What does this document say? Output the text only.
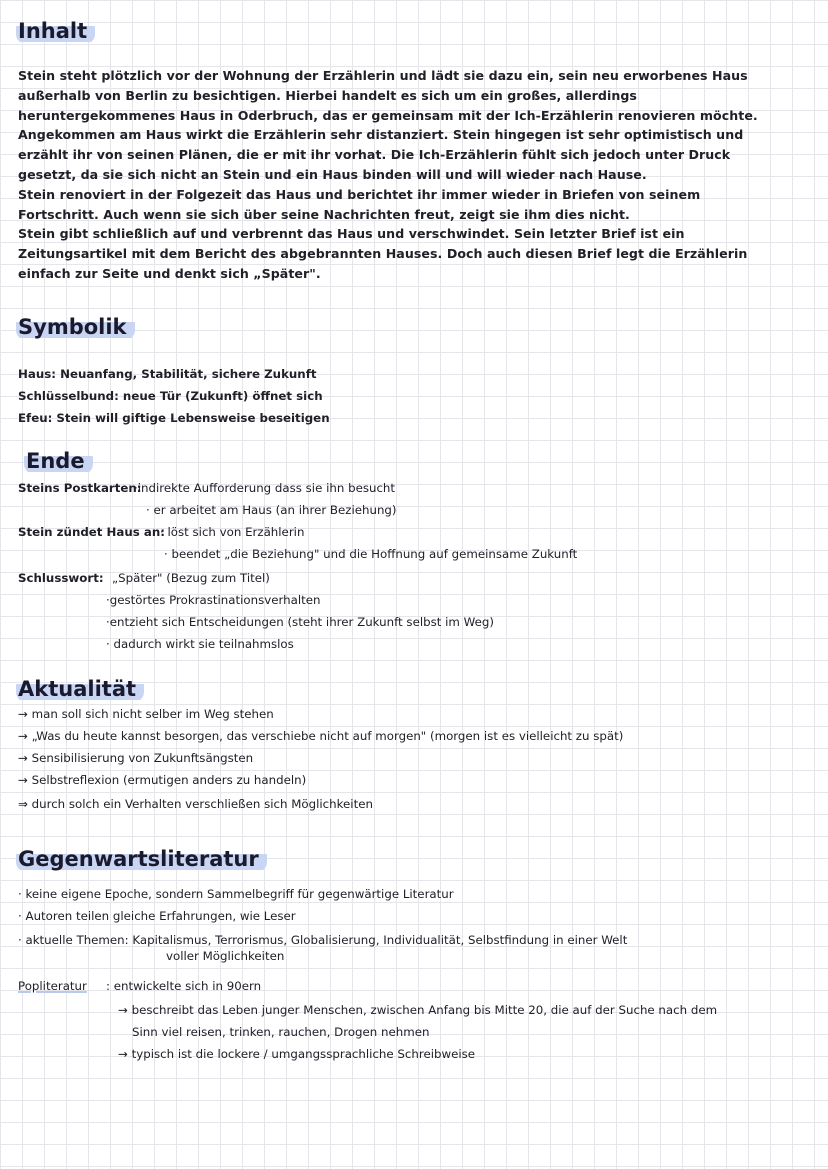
Inhalt

Stein steht plötzlich vor der Wohnung der Erzählerin und lädt sie dazu ein, sein neu erworbenes Haus

außerhalb von Berlin zu besichtigen. Hierbei handelt es sich um ein großes, allerdings

heruntergekommenes Haus in Oderbruch, das er gemeinsam mit der Ich-Erzählerin renovieren möchte.

Angekommen am Haus wirkt die Erzählerin sehr distanziert. Stein hingegen ist sehr optimistisch und

erzählt ihr von seinen Plänen, die er mit ihr vorhat. Die Ich-Erzählerin fühlt sich jedoch unter Druck

gesetzt, da sie sich nicht an Stein und ein Haus binden will und will wieder nach Hause.

Stein renoviert in der Folgezeit das Haus und berichtet ihr immer wieder in Briefen von seinem

Fortschritt. Auch wenn sie sich über seine Nachrichten freut, zeigt sie ihm dies nicht.

Stein gibt schließlich auf und verbrennt das Haus und verschwindet. Sein letzter Brief ist ein

Zeitungsartikel mit dem Bericht des abgebrannten Hauses. Doch auch diesen Brief legt die Erzählerin

einfach zur Seite und denkt sich „Später".

Symbolik
Haus: Neuanfang, Stabilität, sichere Zukunft
Schlüsselbund: neue Tür (Zukunft) öffnet sich
Efeu: Stein will giftige Lebensweise beseitigen
Ende
Steins Postkarten:
·indirekte Aufforderung dass sie ihn besucht
· er arbeitet am Haus (an ihrer Beziehung)
Stein zündet Haus an:
· löst sich von Erzählerin
· beendet „die Beziehung" und die Hoffnung auf gemeinsame Zukunft
Schlusswort: „Später" (Bezug zum Titel)
·gestörtes Prokrastinationsverhalten
·entzieht sich Entscheidungen (steht ihrer Zukunft selbst im Weg)
· dadurch wirkt sie teilnahmslos
Aktualität
→ man soll sich nicht selber im Weg stehen
→ „Was du heute kannst besorgen, das verschiebe nicht auf morgen" (morgen ist es vielleicht zu spät)
→ Sensibilisierung von Zukunftsängsten
→ Selbstreflexion (ermutigen anders zu handeln)
⇒ durch solch ein Verhalten verschließen sich Möglichkeiten
Gegenwartsliteratur
· keine eigene Epoche, sondern Sammelbegriff für gegenwärtige Literatur
· Autoren teilen gleiche Erfahrungen, wie Leser
· aktuelle Themen: Kapitalismus, Terrorismus, Globalisierung, Individualität, Selbstfindung in einer Welt
voller Möglichkeiten
Popliteratur : entwickelte sich in 90ern
→ beschreibt das Leben junger Menschen, zwischen Anfang bis Mitte 20, die auf der Suche nach dem
Sinn viel reisen, trinken, rauchen, Drogen nehmen
→ typisch ist die lockere / umgangssprachliche Schreibweise
